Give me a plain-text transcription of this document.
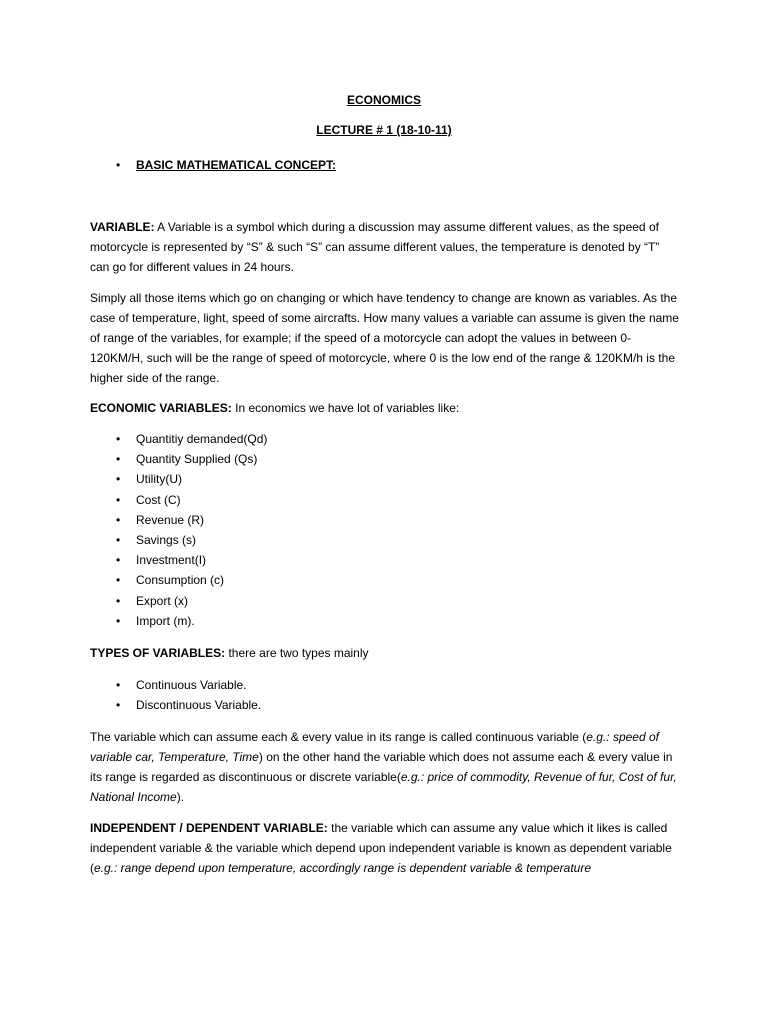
ECONOMICS
LECTURE # 1 (18-10-11)
•	BASIC MATHEMATICAL CONCEPT:

VARIABLE: A Variable is a symbol which during a discussion may assume different values, as the speed of motorcycle is represented by “S” & such “S” can assume different values, the temperature is denoted by “T” can go for different values in 24 hours.

Simply all those items which go on changing or which have tendency to change are known as variables. As the case of temperature, light, speed of some aircrafts. How many values a variable can assume is given the name of range of the variables, for example; if the speed of a motorcycle can adopt the values in between 0-120KM/H, such will be the range of speed of motorcycle, where 0 is the low end of the range & 120KM/h is the higher side of the range.

ECONOMIC VARIABLES: In economics we have lot of variables like:

•	Quantitiy demanded(Qd)
•	Quantity Supplied (Qs)
•	Utility(U)
•	Cost (C)
•	Revenue (R)
•	Savings (s)
•	Investment(I)
•	Consumption (c)
•	Export (x)
•	Import (m).

TYPES OF VARIABLES: there are two types mainly

•	Continuous Variable.
•	Discontinuous Variable.

The variable which can assume each & every value in its range is called continuous variable (e.g.: speed of variable car, Temperature, Time) on the other hand the variable which does not assume each & every value in its range is regarded as discontinuous or discrete variable(e.g.: price of commodity, Revenue of fur, Cost of fur, National Income).

INDEPENDENT / DEPENDENT VARIABLE: the variable which can assume any value which it likes is called independent variable & the variable which depend upon independent variable is known as dependent variable (e.g.: range depend upon temperature, accordingly range is dependent variable & temperature
